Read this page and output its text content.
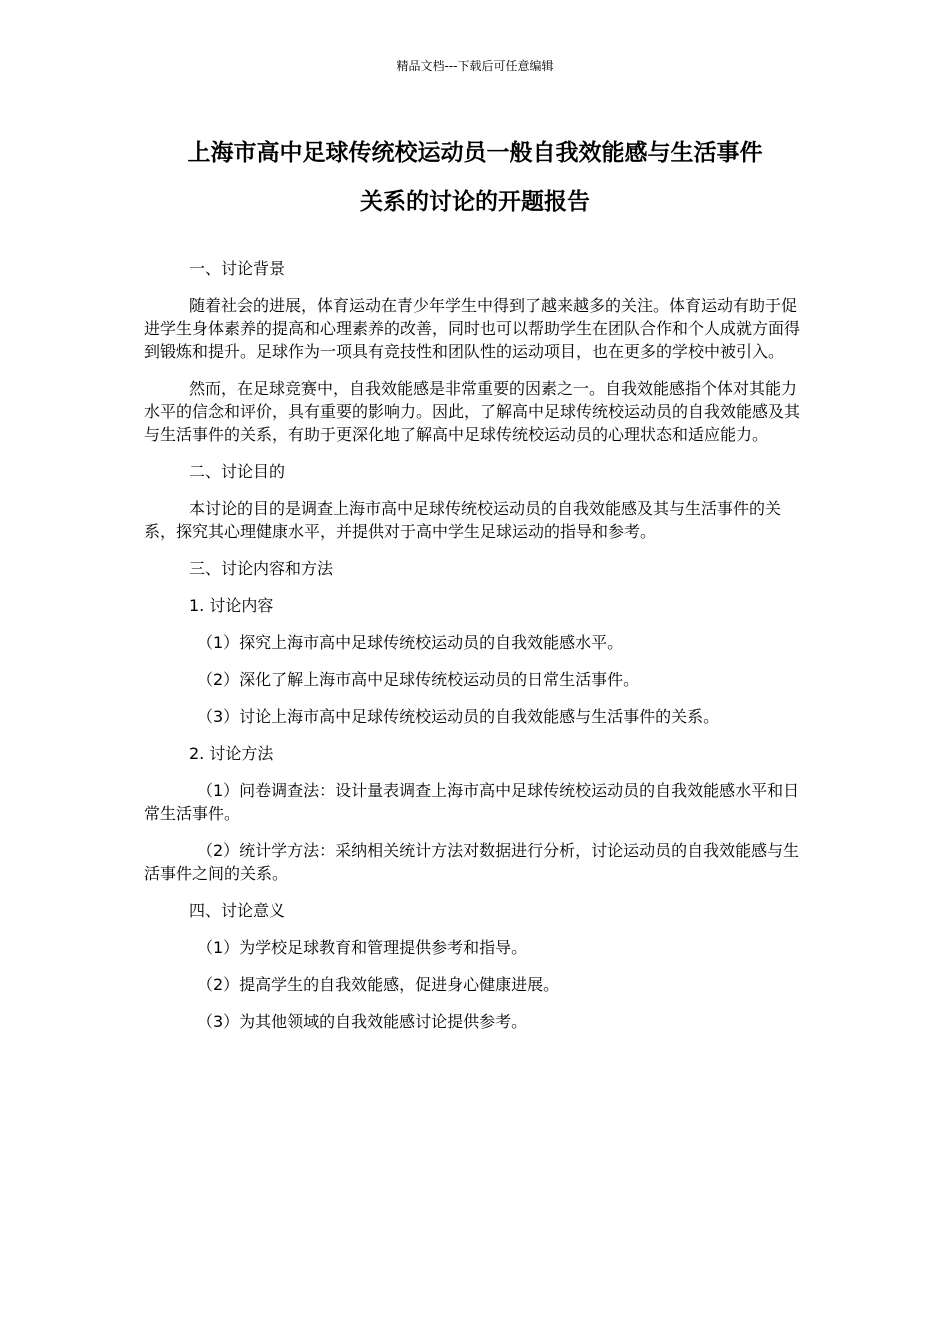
精品文档---下载后可任意编辑
上海市高中足球传统校运动员一般自我效能感与生活事件
关系的讨论的开题报告

一、讨论背景

随着社会的进展，体育运动在青少年学生中得到了越来越多的关注。体育运动有助于促进学生身体素养的提高和心理素养的改善，同时也可以帮助学生在团队合作和个人成就方面得到锻炼和提升。足球作为一项具有竞技性和团队性的运动项目，也在更多的学校中被引入。

然而，在足球竞赛中，自我效能感是非常重要的因素之一。自我效能感指个体对其能力水平的信念和评价，具有重要的影响力。因此，了解高中足球传统校运动员的自我效能感及其与生活事件的关系，有助于更深化地了解高中足球传统校运动员的心理状态和适应能力。

二、讨论目的

本讨论的目的是调查上海市高中足球传统校运动员的自我效能感及其与生活事件的关系，探究其心理健康水平，并提供对于高中学生足球运动的指导和参考。

三、讨论内容和方法

1. 讨论内容

（1）探究上海市高中足球传统校运动员的自我效能感水平。

（2）深化了解上海市高中足球传统校运动员的日常生活事件。

（3）讨论上海市高中足球传统校运动员的自我效能感与生活事件的关系。

2. 讨论方法

（1）问卷调查法：设计量表调查上海市高中足球传统校运动员的自我效能感水平和日常生活事件。

（2）统计学方法：采纳相关统计方法对数据进行分析，讨论运动员的自我效能感与生活事件之间的关系。

四、讨论意义

（1）为学校足球教育和管理提供参考和指导。

（2）提高学生的自我效能感，促进身心健康进展。

（3）为其他领域的自我效能感讨论提供参考。
